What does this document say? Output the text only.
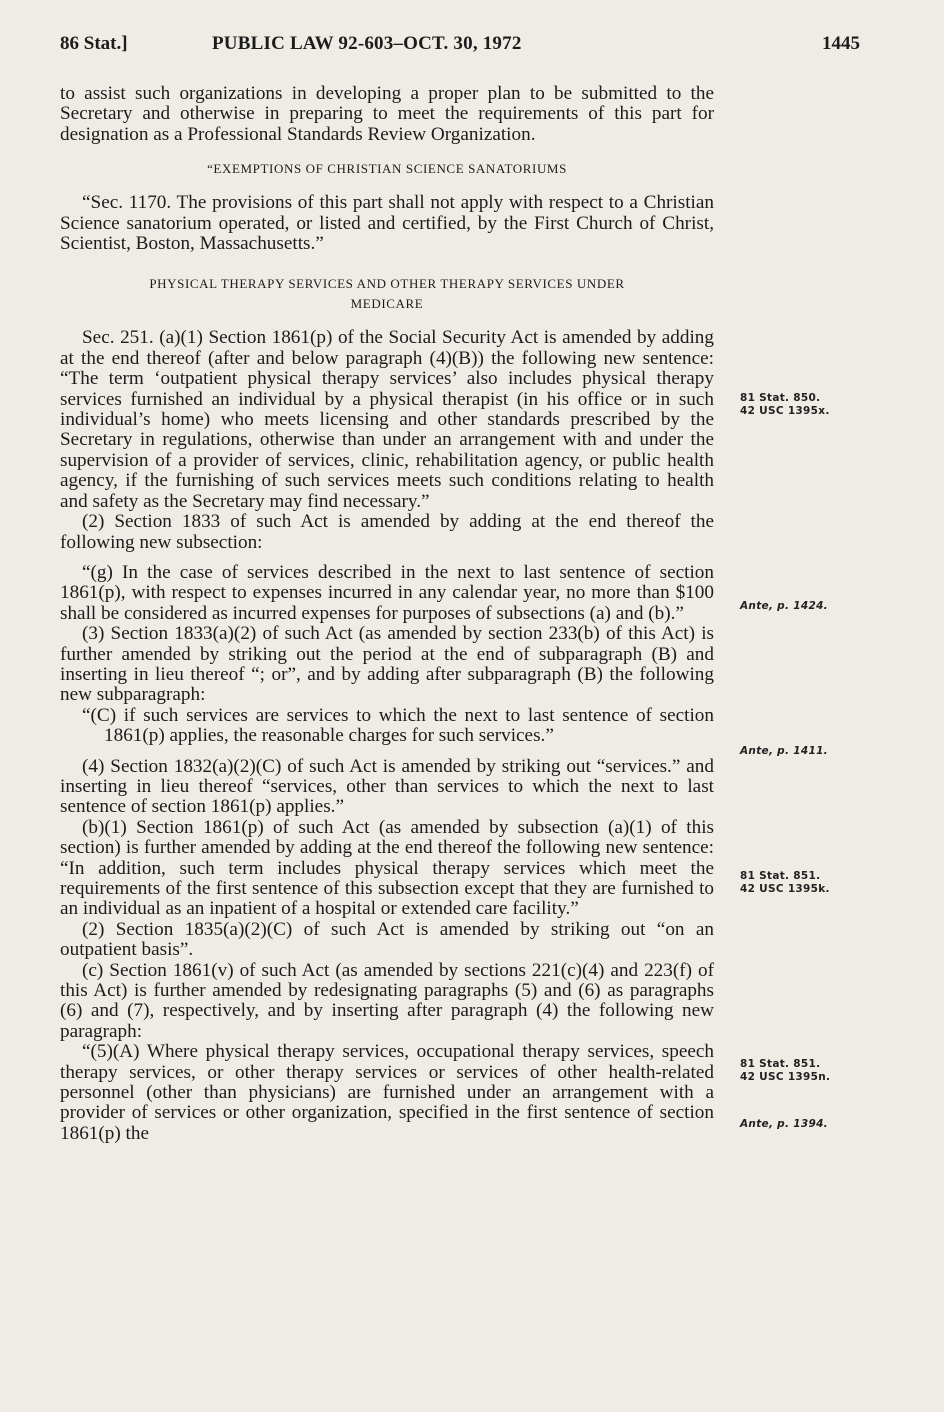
86 Stat.]	PUBLIC LAW 92-603–OCT. 30, 1972	1445

to assist such organizations in developing a proper plan to be submitted to the Secretary and otherwise in preparing to meet the requirements of this part for designation as a Professional Standards Review Organization.

“EXEMPTIONS OF CHRISTIAN SCIENCE SANATORIUMS

“Sec. 1170. The provisions of this part shall not apply with respect to a Christian Science sanatorium operated, or listed and certified, by the First Church of Christ, Scientist, Boston, Massachusetts.”

PHYSICAL THERAPY SERVICES AND OTHER THERAPY SERVICES UNDER

MEDICARE

Sec. 251. (a)(1) Section 1861(p) of the Social Security Act is amended by adding at the end thereof (after and below paragraph (4)(B)) the following new sentence: “The term ‘outpatient physical therapy services’ also includes physical therapy services furnished an individual by a physical therapist (in his office or in such individual’s home) who meets licensing and other standards prescribed by the Secretary in regulations, otherwise than under an arrangement with and under the supervision of a provider of services, clinic, rehabilitation agency, or public health agency, if the furnishing of such services meets such conditions relating to health and safety as the Secretary may find necessary.”

(2) Section 1833 of such Act is amended by adding at the end thereof the following new subsection:

“(g) In the case of services described in the next to last sentence of section 1861(p), with respect to expenses incurred in any calendar year, no more than $100 shall be considered as incurred expenses for purposes of subsections (a) and (b).”

(3) Section 1833(a)(2) of such Act (as amended by section 233(b) of this Act) is further amended by striking out the period at the end of subparagraph (B) and inserting in lieu thereof “; or”, and by adding after subparagraph (B) the following new subparagraph:

“(C) if such services are services to which the next to last sentence of section 1861(p) applies, the reasonable charges for such services.”

(4) Section 1832(a)(2)(C) of such Act is amended by striking out “services.” and inserting in lieu thereof “services, other than services to which the next to last sentence of section 1861(p) applies.”

(b)(1) Section 1861(p) of such Act (as amended by subsection (a)(1) of this section) is further amended by adding at the end thereof the following new sentence: “In addition, such term includes physical therapy services which meet the requirements of the first sentence of this subsection except that they are furnished to an individual as an inpatient of a hospital or extended care facility.”

(2) Section 1835(a)(2)(C) of such Act is amended by striking out “on an outpatient basis”.

(c) Section 1861(v) of such Act (as amended by sections 221(c)(4) and 223(f) of this Act) is further amended by redesignating paragraphs (5) and (6) as paragraphs (6) and (7), respectively, and by inserting after paragraph (4) the following new paragraph:

“(5)(A) Where physical therapy services, occupational therapy services, speech therapy services, or other therapy services or services of other health-related personnel (other than physicians) are furnished under an arrangement with a provider of services or other organization, specified in the first sentence of section 1861(p) the

81 Stat. 850.
42 USC 1395x.
Ante, p. 1424.
Ante, p. 1411.
81 Stat. 851.
42 USC 1395k.
81 Stat. 851.
42 USC 1395n.
Ante, p. 1394.
